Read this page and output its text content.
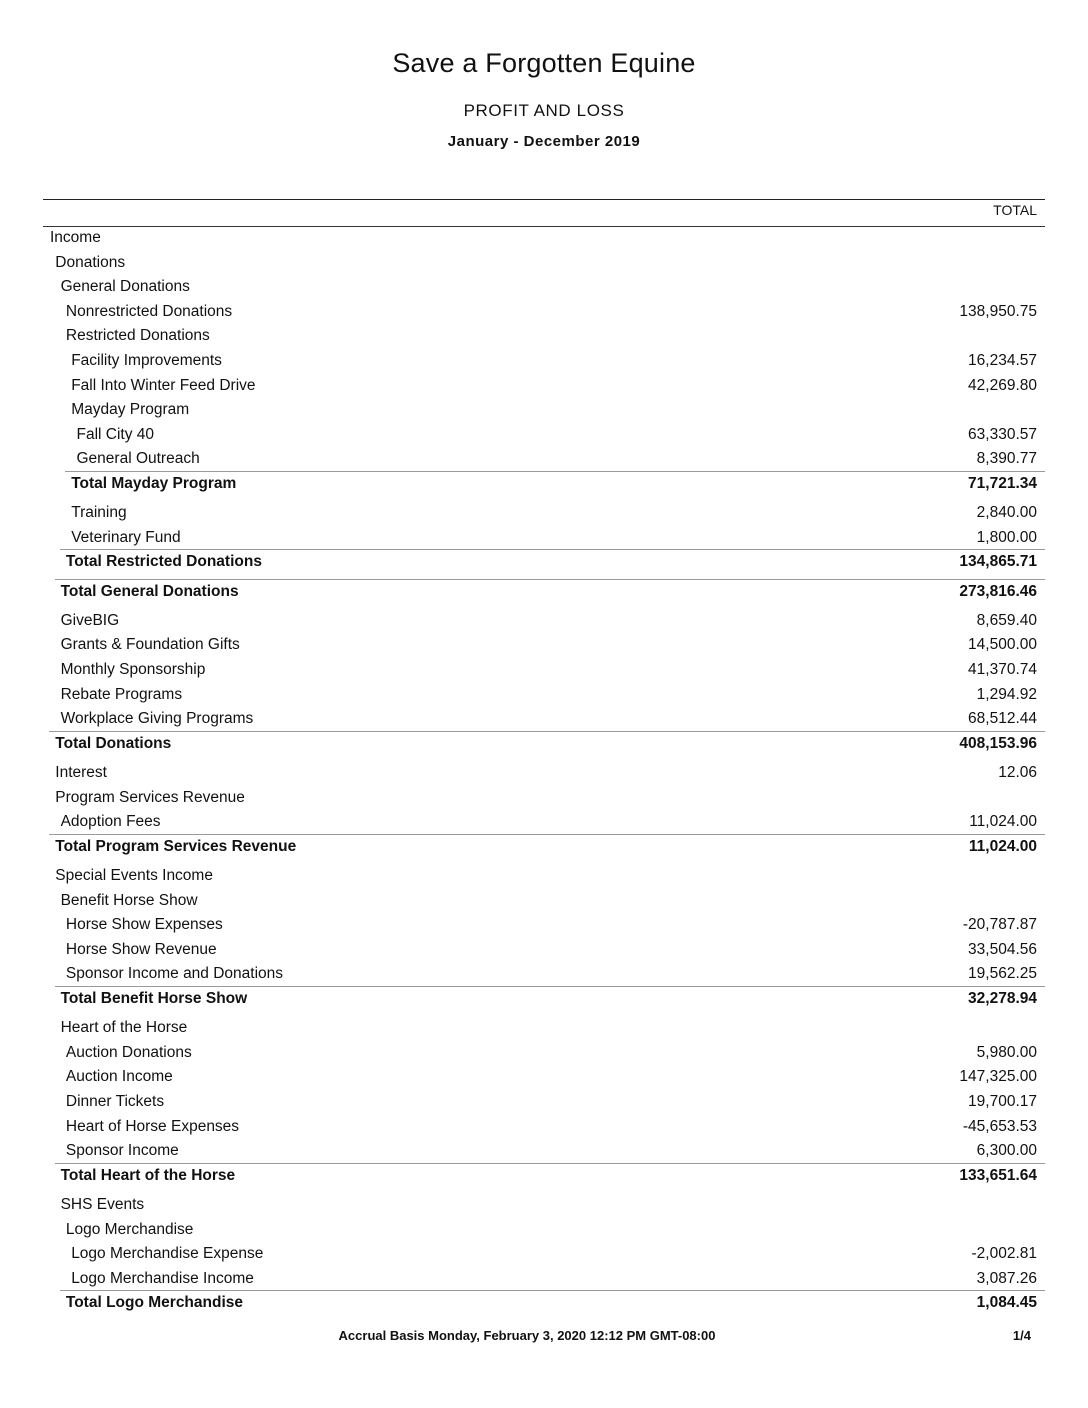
Save a Forgotten Equine
PROFIT AND LOSS
January - December 2019
TOTAL
Income
Donations
General Donations
Nonrestricted Donations	138,950.75
Restricted Donations
Facility Improvements	16,234.57
Fall Into Winter Feed Drive	42,269.80
Mayday Program
Fall City 40	63,330.57
General Outreach	8,390.77
Total Mayday Program	71,721.34
Training	2,840.00
Veterinary Fund	1,800.00
Total Restricted Donations	134,865.71
Total General Donations	273,816.46
GiveBIG	8,659.40
Grants & Foundation Gifts	14,500.00
Monthly Sponsorship	41,370.74
Rebate Programs	1,294.92
Workplace Giving Programs	68,512.44
Total Donations	408,153.96
Interest	12.06
Program Services Revenue
Adoption Fees	11,024.00
Total Program Services Revenue	11,024.00
Special Events Income
Benefit Horse Show
Horse Show Expenses	-20,787.87
Horse Show Revenue	33,504.56
Sponsor Income and Donations	19,562.25
Total Benefit Horse Show	32,278.94
Heart of the Horse
Auction Donations	5,980.00
Auction Income	147,325.00
Dinner Tickets	19,700.17
Heart of Horse Expenses	-45,653.53
Sponsor Income	6,300.00
Total Heart of the Horse	133,651.64
SHS Events
Logo Merchandise
Logo Merchandise Expense	-2,002.81
Logo Merchandise Income	3,087.26
Total Logo Merchandise	1,084.45
Accrual Basis Monday, February 3, 2020 12:12 PM GMT-08:00	1/4
